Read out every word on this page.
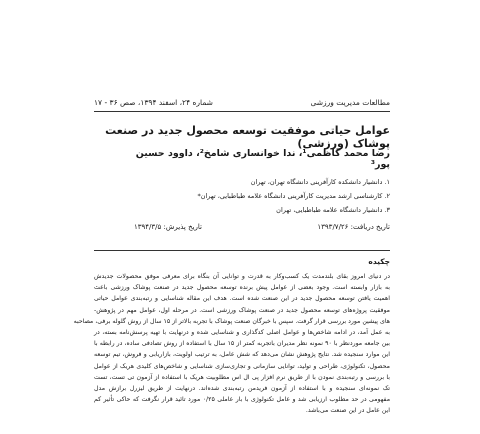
مطالعات مدیریت ورزشی
شماره ۲۴، اسفند ۱۳۹۴، صص ۳۶ - ۱۷
عوامل حیاتی موفقیت توسعه محصول جدید در صنعت پوشاک (ورزشی)
رضا محمد کاظمی¹، ندا خوانساری شامخ²، داوود حسین پور³
۱. دانشیار دانشکده کارآفرینی دانشگاه تهران، تهران
۲. کارشناسی ارشد مدیریت کارآفرینی دانشگاه علامه طباطبایی، تهران*
۳. دانشیار دانشگاه علامه طباطبایی، تهران
تاریخ دریافت: ۱۳۹۳/۷/۲۶
تاریخ پذیرش: ۱۳۹۴/۳/۵
چکیده
در دنیای امروز بقای بلندمدت یک کسب‌وکار به قدرت و توانایی آن بنگاه برای معرفی موفق محصولات جدیدش
به بازار وابسته است. وجود بعضی از عوامل پیش برنده توسعه محصول جدید در صنعت پوشاک ورزشی باعث
اهمیت یافتن توسعه محصول جدید در این صنعت شده است. هدف این مقاله شناسایی و رتبه‌بندی عوامل حیاتی
موفقیت پروژه‌های توسعه محصول جدید در صنعت پوشاک ورزشی است. در مرحله اول، عوامل مهم در پژوهش-
های پیشین مورد بررسی قرار گرفت. سپس با خبرگان صنعت پوشاک با تجربه بالاتر از ۱۵ سال از روش گلوله برفی، مصاحبه
به عمل آمد، در ادامه شاخص‌ها و عوامل اصلی کدگذاری و شناسایی شده و درنهایت با تهیه پرسش‌نامه بسته، در
بین جامعه موردنظر با ۹۰ نمونه نظر مدیران باتجربه کمتر از ۱۵ سال با استفاده از روش تصادفی ساده، در رابطه با
این موارد سنجیده شد. نتایج پژوهش نشان می‌دهد که شش عامل، به ترتیب اولویت، بازاریابی و فروش، تیم توسعه
محصول، تکنولوژی، طراحی و تولید، توانایی سازمانی و تجاری‌سازی شناسایی و شاخص‌های کلیدی هریک از عوامل
با بررسی و رتبه‌بندی نمودن با از طریق نرم افزار پی ال اس مطلوبیت هریک با استفاده از آزمون تی تست، تست
تک نمونه‌ای سنجیده و با استفاده از آزمون فریدمن رتبه‌بندی شده‌اند. درنهایت از طریق لیزرل برازش مدل
مفهومی در حد مطلوب ارزیابی شد و عامل تکنولوژی با بار عاملی ۰/۲۵ مورد تائید قرار نگرفت که حاکی تأثیر کم
این عامل در این صنعت می‌باشد.
